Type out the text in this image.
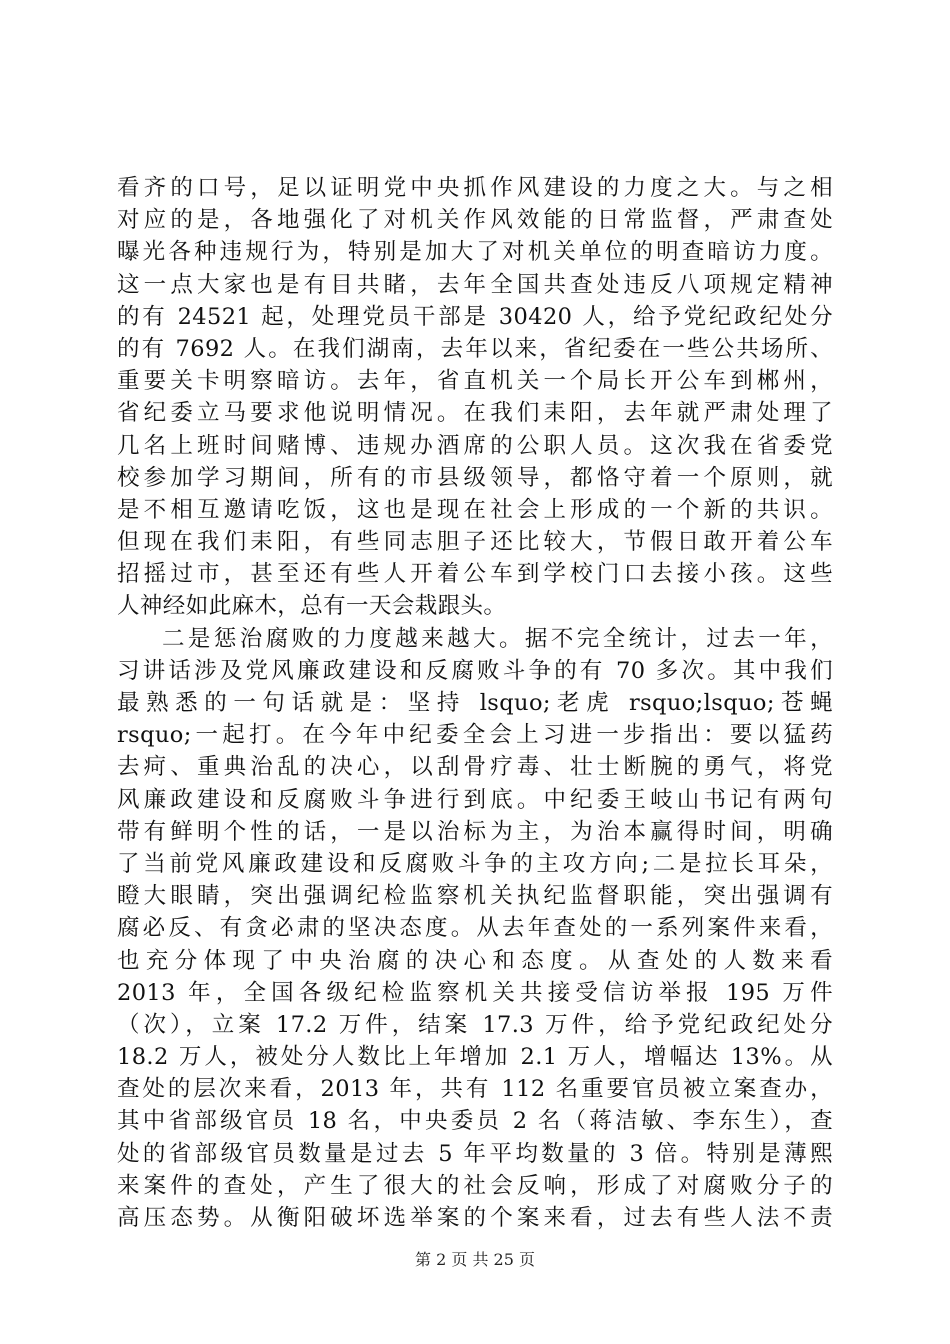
看齐的口号，足以证明党中央抓作风建设的力度之大。与之相
对应的是，各地强化了对机关作风效能的日常监督，严肃查处
曝光各种违规行为，特别是加大了对机关单位的明查暗访力度。
这一点大家也是有目共睹，去年全国共查处违反八项规定精神
的有 24521 起，处理党员干部是 30420 人，给予党纪政纪处分
的有 7692 人。在我们湖南，去年以来，省纪委在一些公共场所、
重要关卡明察暗访。去年，省直机关一个局长开公车到郴州，
省纪委立马要求他说明情况。在我们耒阳，去年就严肃处理了
几名上班时间赌博、违规办酒席的公职人员。这次我在省委党
校参加学习期间，所有的市县级领导，都恪守着一个原则，就
是不相互邀请吃饭，这也是现在社会上形成的一个新的共识。
但现在我们耒阳，有些同志胆子还比较大，节假日敢开着公车
招摇过市，甚至还有些人开着公车到学校门口去接小孩。这些
人神经如此麻木，总有一天会栽跟头。
二是惩治腐败的力度越来越大。据不完全统计，过去一年，
习讲话涉及党风廉政建设和反腐败斗争的有 70 多次。其中我们
最熟悉的一句话就是：坚持 lsquo;老虎 rsquo;lsquo;苍蝇
rsquo;一起打。在今年中纪委全会上习进一步指出：要以猛药
去疴、重典治乱的决心，以刮骨疗毒、壮士断腕的勇气，将党
风廉政建设和反腐败斗争进行到底。中纪委王岐山书记有两句
带有鲜明个性的话，一是以治标为主，为治本赢得时间，明确
了当前党风廉政建设和反腐败斗争的主攻方向;二是拉长耳朵，
瞪大眼睛，突出强调纪检监察机关执纪监督职能，突出强调有
腐必反、有贪必肃的坚决态度。从去年查处的一系列案件来看，
也充分体现了中央治腐的决心和态度。从查处的人数来看
2013 年，全国各级纪检监察机关共接受信访举报 195 万件
（次），立案 17.2 万件，结案 17.3 万件，给予党纪政纪处分
18.2 万人，被处分人数比上年增加 2.1 万人，增幅达 13%。从
查处的层次来看，2013 年，共有 112 名重要官员被立案查办，
其中省部级官员 18 名，中央委员 2 名（蒋洁敏、李东生），查
处的省部级官员数量是过去 5 年平均数量的 3 倍。特别是薄熙
来案件的查处，产生了很大的社会反响，形成了对腐败分子的
高压态势。从衡阳破坏选举案的个案来看，过去有些人法不责
第 2 页 共 25 页
